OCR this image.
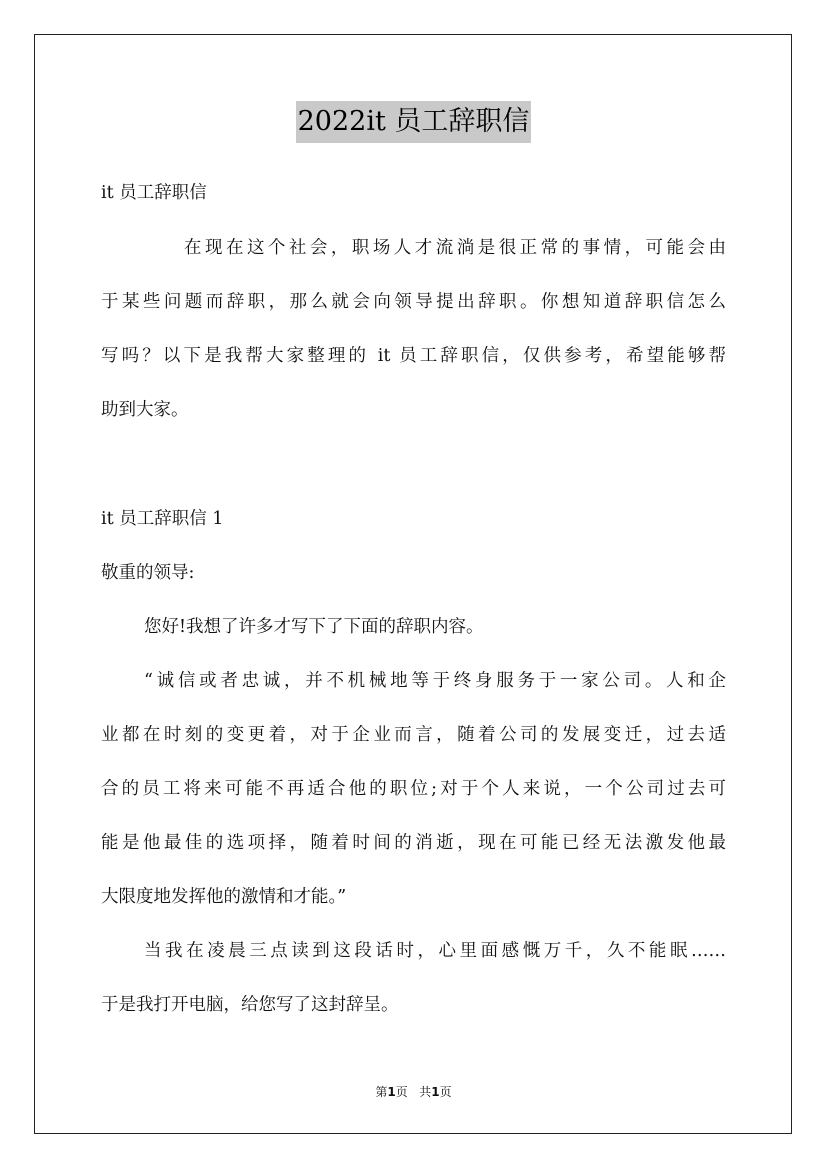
2022it 员工辞职信
it 员工辞职信
在现在这个社会，职场人才流淌是很正常的事情，可能会由
于某些问题而辞职，那么就会向领导提出辞职。你想知道辞职信怎么
写吗？以下是我帮大家整理的 it 员工辞职信，仅供参考，希望能够帮
助到大家。
it 员工辞职信 1
敬重的领导:
您好!我想了许多才写下了下面的辞职内容。
“诚信或者忠诚，并不机械地等于终身服务于一家公司。人和企
业都在时刻的变更着，对于企业而言，随着公司的发展变迁，过去适
合的员工将来可能不再适合他的职位;对于个人来说，一个公司过去可
能是他最佳的选项择，随着时间的消逝，现在可能已经无法激发他最
大限度地发挥他的激情和才能。”
当我在凌晨三点读到这段话时，心里面感慨万千，久不能眠……
于是我打开电脑，给您写了这封辞呈。
第1页   共1页
